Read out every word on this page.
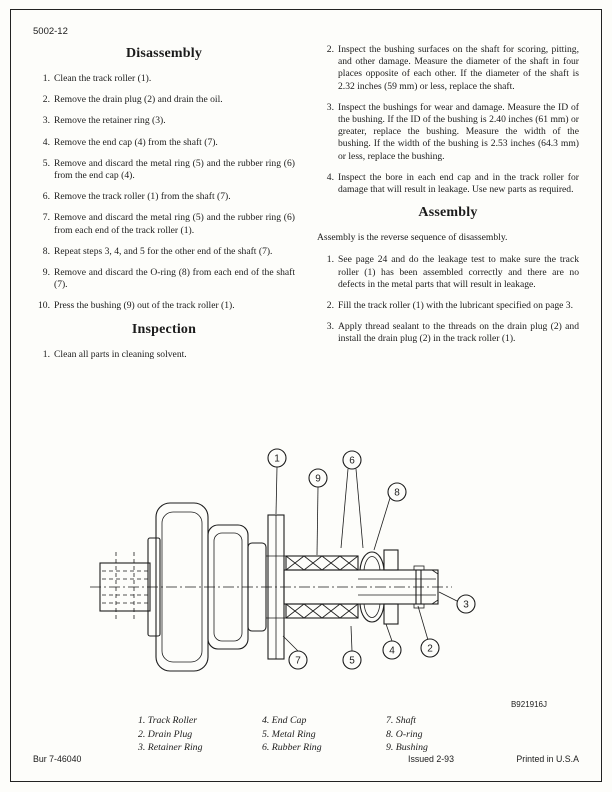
5002-12
Disassembly
1. Clean the track roller (1).
2. Remove the drain plug (2) and drain the oil.
3. Remove the retainer ring (3).
4. Remove the end cap (4) from the shaft (7).
5. Remove and discard the metal ring (5) and the rubber ring (6) from the end cap (4).
6. Remove the track roller (1) from the shaft (7).
7. Remove and discard the metal ring (5) and the rubber ring (6) from each end of the track roller (1).
8. Repeat steps 3, 4, and 5 for the other end of the shaft (7).
9. Remove and discard the O-ring (8) from each end of the shaft (7).
10. Press the bushing (9) out of the track roller (1).
Inspection
1. Clean all parts in cleaning solvent.
2. Inspect the bushing surfaces on the shaft for scoring, pitting, and other damage. Measure the diameter of the shaft in four places opposite of each other. If the diameter of the shaft is 2.32 inches (59 mm) or less, replace the shaft.
3. Inspect the bushings for wear and damage. Measure the ID of the bushing. If the ID of the bushing is 2.40 inches (61 mm) or greater, replace the bushing. Measure the width of the bushing. If the width of the bushing is 2.53 inches (64.3 mm) or less, replace the bushing.
4. Inspect the bore in each end cap and in the track roller for damage that will result in leakage. Use new parts as required.
Assembly
Assembly is the reverse sequence of disassembly.
1. See page 24 and do the leakage test to make sure the track roller (1) has been assembled correctly and there are no defects in the metal parts that will result in leakage.
2. Fill the track roller (1) with the lubricant specified on page 3.
3. Apply thread sealant to the threads on the drain plug (2) and install the drain plug (2) in the track roller (1).
1
9
6
8
3
7	5
4	2
B921916J
1. Track Roller
2. Drain Plug
3. Retainer Ring
4. End Cap
5. Metal Ring
6. Rubber Ring
7. Shaft
8. O-ring
9. Bushing
Bur 7-46040	Issued 2-93	Printed in U.S.A
